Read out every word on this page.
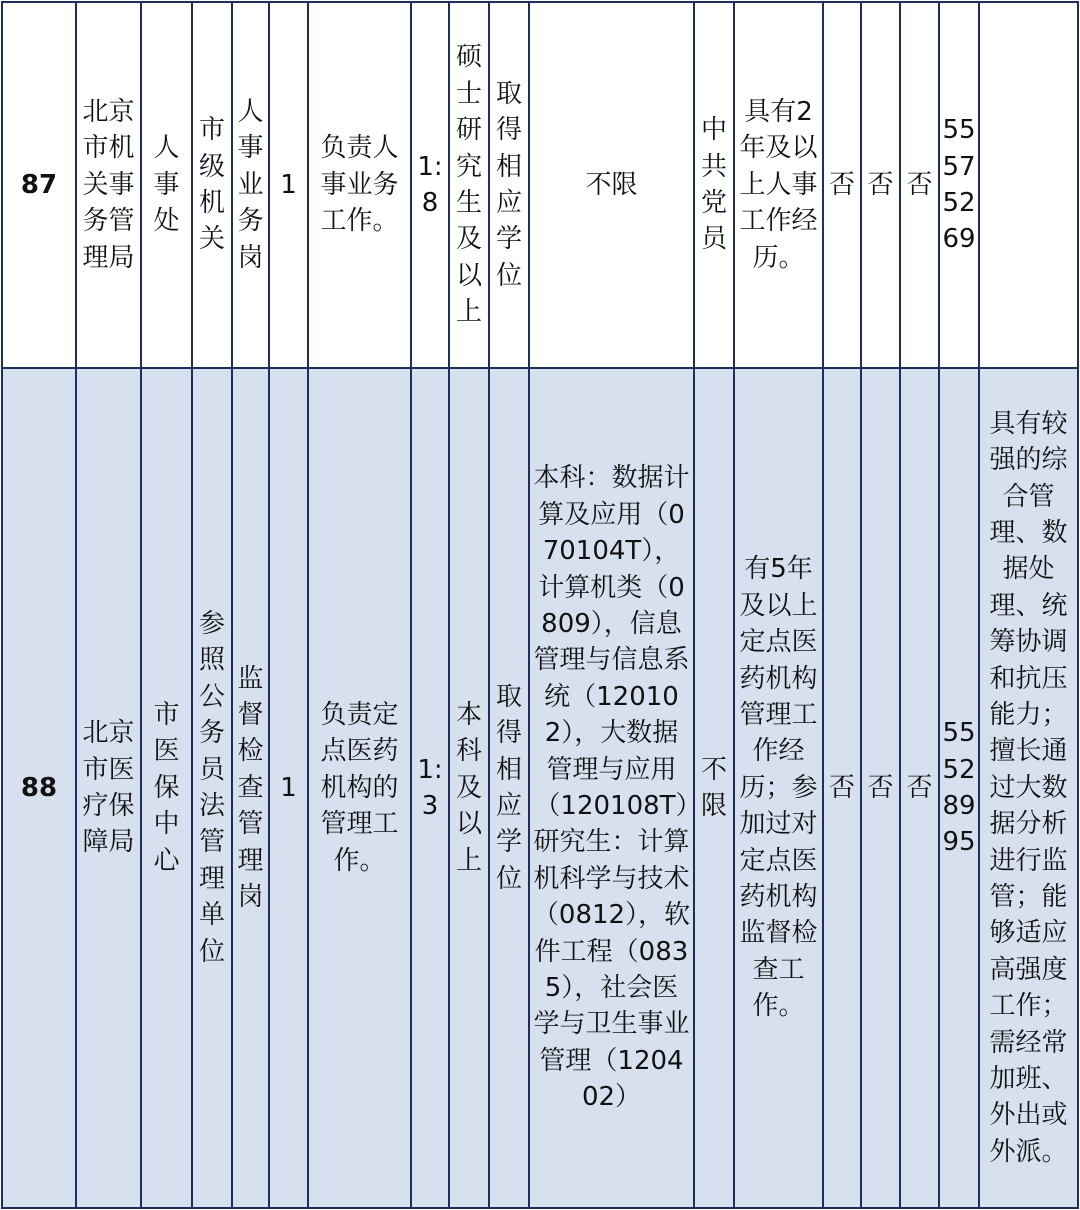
87	北京市机关事务管理局	人事处	市级机关	人事业务岗	1	负责人事业务工作。	1:8	硕士研究生及以上	取得相应学位	不限	中共党员	具有2年及以上人事工作经历。	否	否	否	55575269	
88	北京市医疗保障局	市医保中心	参照公务员法管理单位	监督检查管理岗	1	负责定点医药机构的管理工作。	1:3	本科及以上	取得相应学位	本科：数据计算及应用（070104T），计算机类（0809），信息管理与信息系统（120102），大数据管理与应用（120108T）研究生：计算机科学与技术（0812），软件工程（0835），社会医学与卫生事业管理（120402）	不限	有5年及以上定点医药机构管理工作经历；参加过对定点医药机构监督检查工作。	否	否	否	55528995	具有较强的综合管理、数据处理、统筹协调和抗压能力；擅长通过大数据分析进行监管；能够适应高强度工作；需经常加班、外出或外派。
